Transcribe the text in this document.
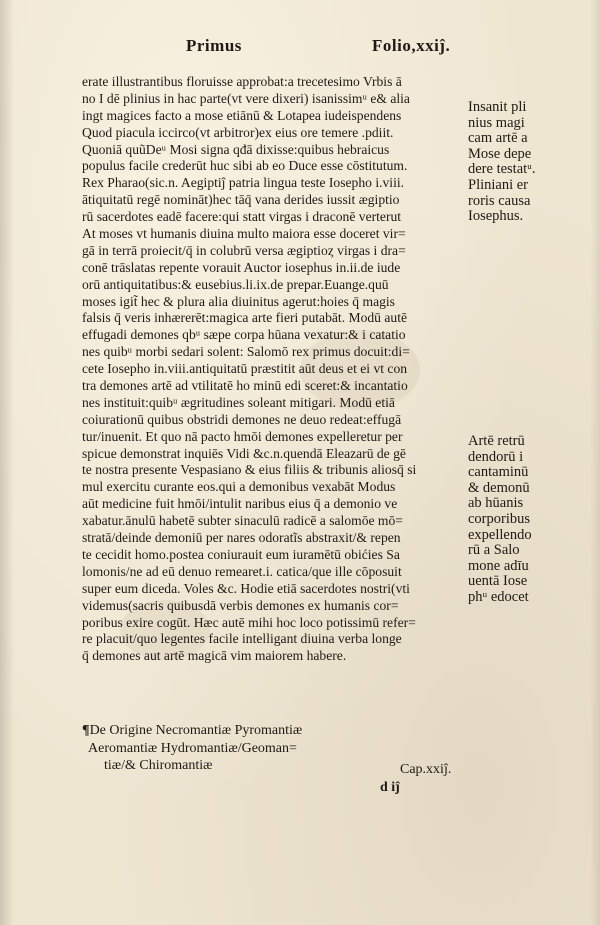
Primus	Folio,xxiĵ.
erate illustrantibus floruisse approbat:a trecetesimo Vrbis ā
no I dē plinius in hac parte(vt vere dixeri) isanissimᵘ e& alia
ingt magices facto a mose etiānū & Lotapea iudeispendens
Quod piacula iccirco(vt arbitror)ex eius ore temere .pdiit.
Quoniā quũDeᵘ Mosi signa qđā dixisse:quibus hebraicus
populus facile crederūt huc sibi ab eo Duce esse cōstitutum.
Rex Pharao(sic.n. Aegiptiĵ patria lingua teste Iosepho i.viii.
ātiquitatū regē nomināt)hec tāq̄ vana derides iussit ægiptio
rū sacerdotes eadē facere:qui statt virgas i draconē verterut
At moses vt humanis diuina multo maiora esse doceret vir=
gā in terrā proiecit/q̄ in colubrū versa ægiptioȥ virgas i dra=
conē trāslatas repente vorauit Auctor iosephus in.ii.de iude
orū antiquitatibus:& eusebius.li.ix.de prepar.Euange.quū
moses igit̃ hec & plura alia diuinitus agerut:hoies q̄ magis
falsis q̄ veris inhærerēt:magica arte fieri putabāt. Modū autē
effugadi demones qbᵘ sæpe corpa hūana vexatur:& i catatio
nes quibᵘ morbi sedari solent: Salomō rex primus docuit:di=
cete Iosepho in.viii.antiquitatū præstitit aūt deus et ei vt con
tra demones artē ad vtilitatē ho minū edi sceret:& incantatio
nes instituit:quibᵘ ægritudines soleant mitigari. Modū etiā
coiurationū quibus obstridi demones ne deuo redeat:effugā
tur/inuenit. Et quo nā pacto hmōi demones expelleretur per
spicue demonstrat inquiēs Vidi &c.n.quendā Eleazarū de gē
te nostra presente Vespasiano & eius filiis & tribunis aliosq̄ si
mul exercitu curante eos.qui a demonibus vexabāt Modus
aūt medicine fuit hmōi/intulit naribus eius q̄ a demonio ve
xabatur.ānulū habetē subter sinaculū radicē a salomōe mō=
stratā/deinde demoniū per nares odoratĩs abstraxit/& repen
te cecidit homo.postea coniurauit eum iuramētū obićies Sa
lomonis/ne ad eū denuo remearet.i. catica/que ille cōposuit
super eum diceda. Voles &c. Hodie etiā sacerdotes nostri(vti
videmus(sacris quibusdā verbis demones ex humanis cor=
poribus exire cogūt. Hæc autē mihi hoc loco potissimū refer=
re placuit/quo legentes facile intelligant diuina verba longe
q̄ demones aut artē magicā vim maiorem habere.
¶De Origine Necromantiæ Pyromantiæ
Aeromantiæ Hydromantiæ/Geoman=
tiæ/& Chiromantiæ	Cap.xxiĵ.
d iĵ
Insanit pli
nius magi
cam artē a
Mose depe
dere testatᵘ.
Pliniani er
roris causa
Iosephus.
Artē retrū
dendorū i
cantaminū
& demonū
ab hūanis
corporibus
expellendo
rū a Salo
mone adīu
uentā Iose
phᵘ edocet
